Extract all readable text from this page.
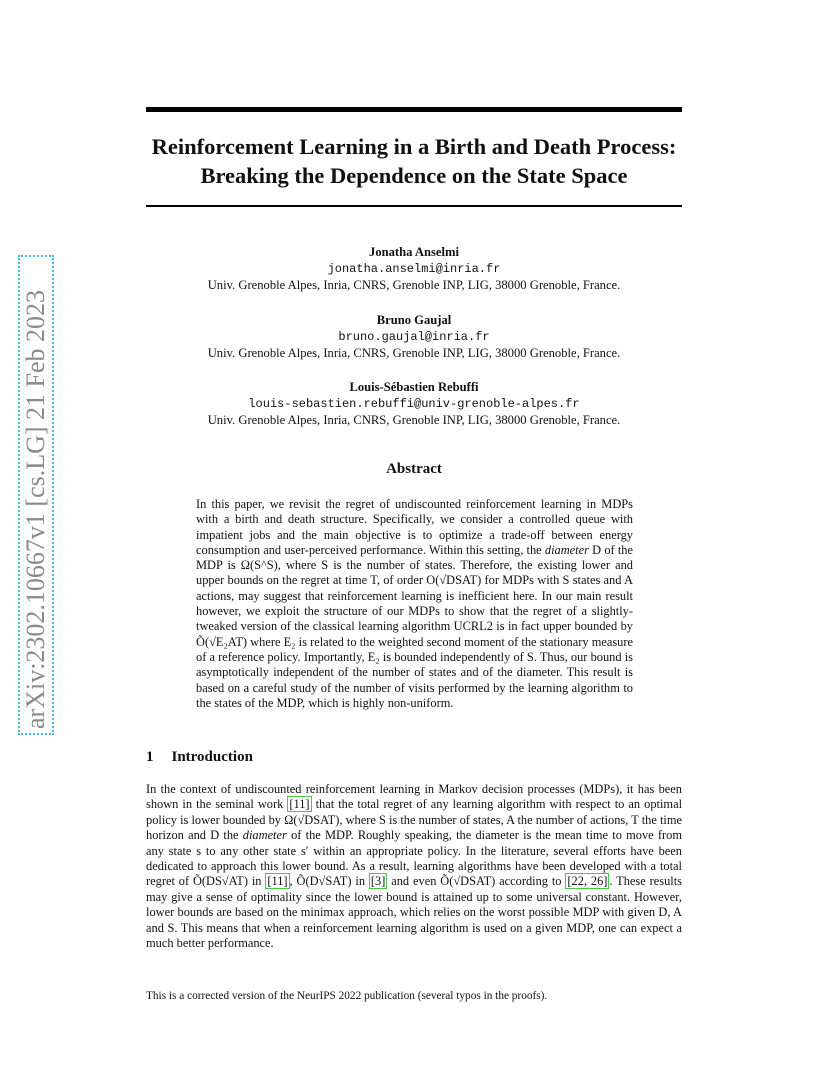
arXiv:2302.10667v1 [cs.LG] 21 Feb 2023
Reinforcement Learning in a Birth and Death Process: Breaking the Dependence on the State Space
Jonatha Anselmi
jonatha.anselmi@inria.fr
Univ. Grenoble Alpes, Inria, CNRS, Grenoble INP, LIG, 38000 Grenoble, France.
Bruno Gaujal
bruno.gaujal@inria.fr
Univ. Grenoble Alpes, Inria, CNRS, Grenoble INP, LIG, 38000 Grenoble, France.
Louis-Sébastien Rebuffi
louis-sebastien.rebuffi@univ-grenoble-alpes.fr
Univ. Grenoble Alpes, Inria, CNRS, Grenoble INP, LIG, 38000 Grenoble, France.
Abstract

In this paper, we revisit the regret of undiscounted reinforcement learning in MDPs with a birth and death structure. Specifically, we consider a controlled queue with impatient jobs and the main objective is to optimize a trade-off between energy consumption and user-perceived performance. Within this setting, the diameter D of the MDP is Ω(S^S), where S is the number of states. Therefore, the existing lower and upper bounds on the regret at time T, of order O(√DSAT) for MDPs with S states and A actions, may suggest that reinforcement learning is inefficient here. In our main result however, we exploit the structure of our MDPs to show that the regret of a slightly-tweaked version of the classical learning algorithm UCRL2 is in fact upper bounded by Õ(√E₂AT) where E₂ is related to the weighted second moment of the stationary measure of a reference policy. Importantly, E₂ is bounded independently of S. Thus, our bound is asymptotically independent of the number of states and of the diameter. This result is based on a careful study of the number of visits performed by the learning algorithm to the states of the MDP, which is highly non-uniform.

1 Introduction

In the context of undiscounted reinforcement learning in Markov decision processes (MDPs), it has been shown in the seminal work [11] that the total regret of any learning algorithm with respect to an optimal policy is lower bounded by Ω(√DSAT), where S is the number of states, A the number of actions, T the time horizon and D the diameter of the MDP. Roughly speaking, the diameter is the mean time to move from any state s to any other state s′ within an appropriate policy. In the literature, several efforts have been dedicated to approach this lower bound. As a result, learning algorithms have been developed with a total regret of Õ(DS√AT) in [11] , Õ(D√SAT) in [3] and even Õ(√DSAT) according to [22, 26] . These results may give a sense of optimality since the lower bound is attained up to some universal constant. However, lower bounds are based on the minimax approach, which relies on the worst possible MDP with given D, A and S. This means that when a reinforcement learning algorithm is used on a given MDP, one can expect a much better performance.

This is a corrected version of the NeurIPS 2022 publication (several typos in the proofs).
